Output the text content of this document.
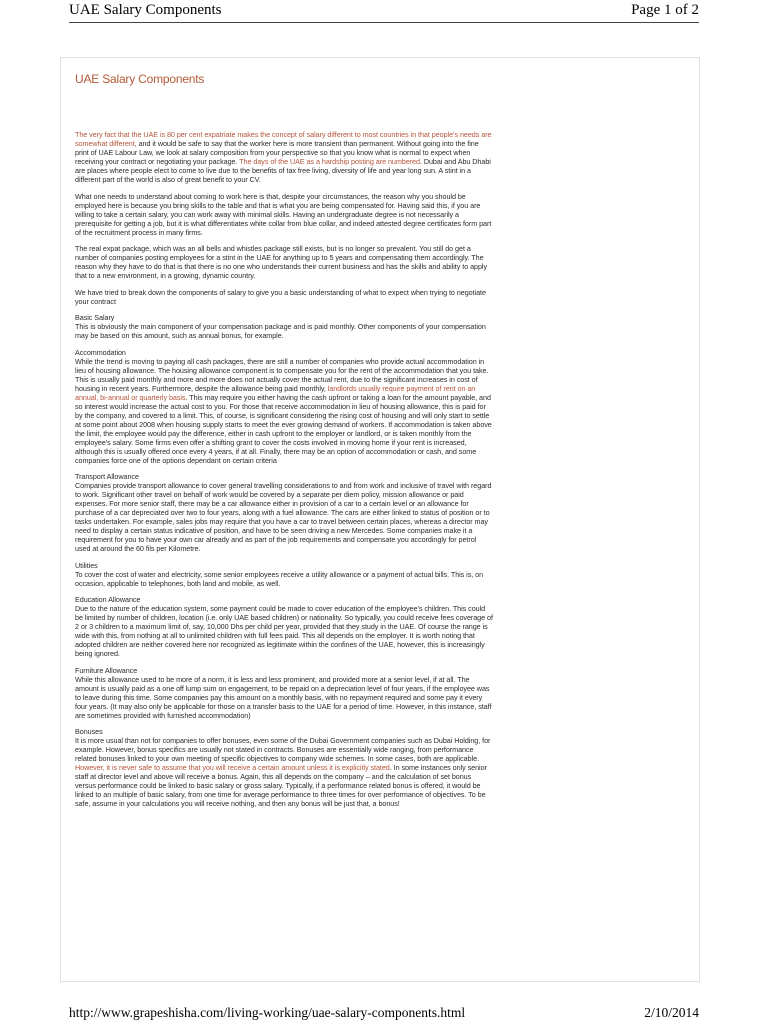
UAE Salary Components	Page 1 of 2
UAE Salary Components

The very fact that the UAE is 80 per cent expatriate makes the concept of salary different to most countries in that people’s needs are somewhat different, and it would be safe to say that the worker here is more transient than permanent. Without going into the fine print of UAE Labour Law, we look at salary composition from your perspective so that you know what is normal to expect when receiving your contract or negotiating your package. The days of the UAE as a hardship posting are numbered. Dubai and Abu Dhabi are places where people elect to come to live due to the benefits of tax free living, diversity of life and year long sun. A stint in a different part of the world is also of great benefit to your CV.

What one needs to understand about coming to work here is that, despite your circumstances, the reason why you should be employed here is because you bring skills to the table and that is what you are being compensated for. Having said this, if you are willing to take a certain salary, you can work away with minimal skills. Having an undergraduate degree is not necessarily a prerequisite for getting a job, but it is what differentiates white collar from blue collar, and indeed attested degree certificates form part of the recruitment process in many firms.

The real expat package, which was an all bells and whistles package still exists, but is no longer so prevalent. You still do get a number of companies posting employees for a stint in the UAE for anything up to 5 years and compensating them accordingly. The reason why they have to do that is that there is no one who understands their current business and has the skills and ability to apply that to a new environment, in a growing, dynamic country.

We have tried to break down the components of salary to give you a basic understanding of what to expect when trying to negotiate your contract

Basic Salary
This is obviously the main component of your compensation package and is paid monthly. Other components of your compensation may be based on this amount, such as annual bonus, for example.
Accommodation
While the trend is moving to paying all cash packages, there are still a number of companies who provide actual accommodation in lieu of housing allowance. The housing allowance component is to compensate you for the rent of the accommodation that you take. This is usually paid monthly and more and more does not actually cover the actual rent, due to the significant increases in cost of housing in recent years. Furthermore, despite the allowance being paid monthly, landlords usually require payment of rent on an annual, bi-annual or quarterly basis. This may require you either having the cash upfront or taking a loan for the amount payable, and so interest would increase the actual cost to you. For those that receive accommodation in lieu of housing allowance, this is paid for by the company, and covered to a limit. This, of course, is significant considering the rising cost of housing and will only start to settle at some point about 2008 when housing supply starts to meet the ever growing demand of workers. If accommodation is taken above the limit, the employee would pay the difference, either in cash upfront to the employer or landlord, or is taken monthly from the employee’s salary. Some firms even offer a shifting grant to cover the costs involved in moving home if your rent is increased, although this is usually offered once every 4 years, if at all. Finally, there may be an option of accommodation or cash, and some companies force one of the options dependant on certain criteria
Transport Allowance
Companies provide transport allowance to cover general travelling considerations to and from work and inclusive of travel with regard to work. Significant other travel on behalf of work would be covered by a separate per diem policy, mission allowance or paid expenses. For more senior staff, there may be a car allowance either in provision of a car to a certain level or an allowance for purchase of a car depreciated over two to four years, along with a fuel allowance. The cars are either linked to status of position or to tasks undertaken. For example, sales jobs may require that you have a car to travel between certain places, whereas a director may need to display a certain status indicative of position, and have to be seen driving a new Mercedes. Some companies make it a requirement for you to have your own car already and as part of the job requirements and compensate you accordingly for petrol used at around the 60 fils per Kilometre.
Utilities
To cover the cost of water and electricity, some senior employees receive a utility allowance or a payment of actual bills. This is, on occasion, applicable to telephones, both land and mobile, as well.
Education Allowance
Due to the nature of the education system, some payment could be made to cover education of the employee’s children. This could be limited by number of children, location (i.e. only UAE based children) or nationality. So typically, you could receive fees coverage of 2 or 3 children to a maximum limit of, say, 10,000 Dhs per child per year, provided that they study in the UAE. Of course the range is wide with this, from nothing at all to unlimited children with full fees paid. This all depends on the employer. It is worth noting that adopted children are neither covered here nor recognized as legitimate within the confines of the UAE, however, this is increasingly being ignored.
Furniture Allowance
While this allowance used to be more of a norm, it is less and less prominent, and provided more at a senior level, if at all. The amount is usually paid as a one off lump sum on engagement, to be repaid on a depreciation level of four years, if the employee was to leave during this time. Some companies pay this amount on a monthly basis, with no repayment required and some pay it every four years. (It may also only be applicable for those on a transfer basis to the UAE for a period of time. However, in this instance, staff are sometimes provided with furnished accommodation)
Bonuses
It is more usual than not for companies to offer bonuses, even some of the Dubai Government companies such as Dubai Holding, for example. However, bonus specifics are usually not stated in contracts. Bonuses are essentially wide ranging, from performance related bonuses linked to your own meeting of specific objectives to company wide schemes. In some cases, both are applicable. However, it is never safe to assume that you will receive a certain amount unless it is explicitly stated. In some instances only senior staff at director level and above will receive a bonus. Again, this all depends on the company – and the calculation of set bonus versus performance could be linked to basic salary or gross salary. Typically, if a performance related bonus is offered, it would be linked to an multiple of basic salary, from one time for average performance to three times for over performance of objectives. To be safe, assume in your calculations you will receive nothing, and then any bonus will be just that, a bonus!
http://www.grapeshisha.com/living-working/uae-salary-components.html	2/10/2014
